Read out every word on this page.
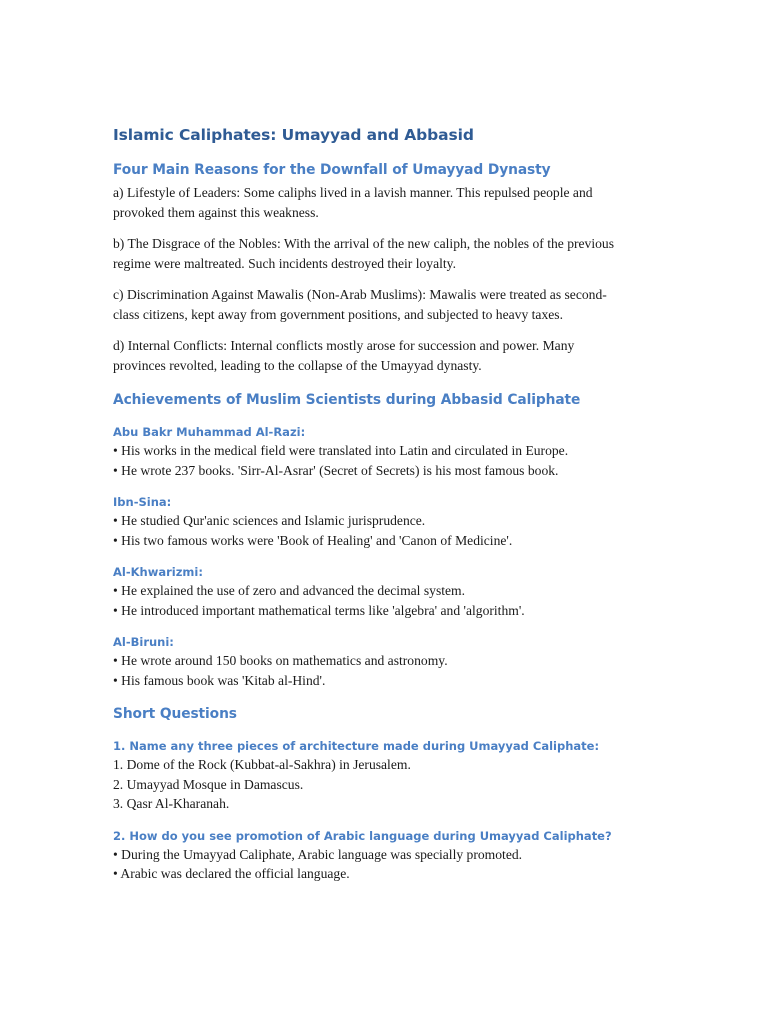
Islamic Caliphates: Umayyad and Abbasid
Four Main Reasons for the Downfall of Umayyad Dynasty

a) Lifestyle of Leaders: Some caliphs lived in a lavish manner. This repulsed people and
provoked them against this weakness.

b) The Disgrace of the Nobles: With the arrival of the new caliph, the nobles of the previous
regime were maltreated. Such incidents destroyed their loyalty.

c) Discrimination Against Mawalis (Non-Arab Muslims): Mawalis were treated as second-
class citizens, kept away from government positions, and subjected to heavy taxes.

d) Internal Conflicts: Internal conflicts mostly arose for succession and power. Many
provinces revolted, leading to the collapse of the Umayyad dynasty.

Achievements of Muslim Scientists during Abbasid Caliphate
Abu Bakr Muhammad Al-Razi:
• His works in the medical field were translated into Latin and circulated in Europe.
• He wrote 237 books. 'Sirr-Al-Asrar' (Secret of Secrets) is his most famous book.
Ibn-Sina:
• He studied Qur'anic sciences and Islamic jurisprudence.
• His two famous works were 'Book of Healing' and 'Canon of Medicine'.
Al-Khwarizmi:
• He explained the use of zero and advanced the decimal system.
• He introduced important mathematical terms like 'algebra' and 'algorithm'.
Al-Biruni:
• He wrote around 150 books on mathematics and astronomy.
• His famous book was 'Kitab al-Hind'.
Short Questions
1. Name any three pieces of architecture made during Umayyad Caliphate:
1. Dome of the Rock (Kubbat-al-Sakhra) in Jerusalem.
2. Umayyad Mosque in Damascus.
3. Qasr Al-Kharanah.
2. How do you see promotion of Arabic language during Umayyad Caliphate?
• During the Umayyad Caliphate, Arabic language was specially promoted.
• Arabic was declared the official language.
